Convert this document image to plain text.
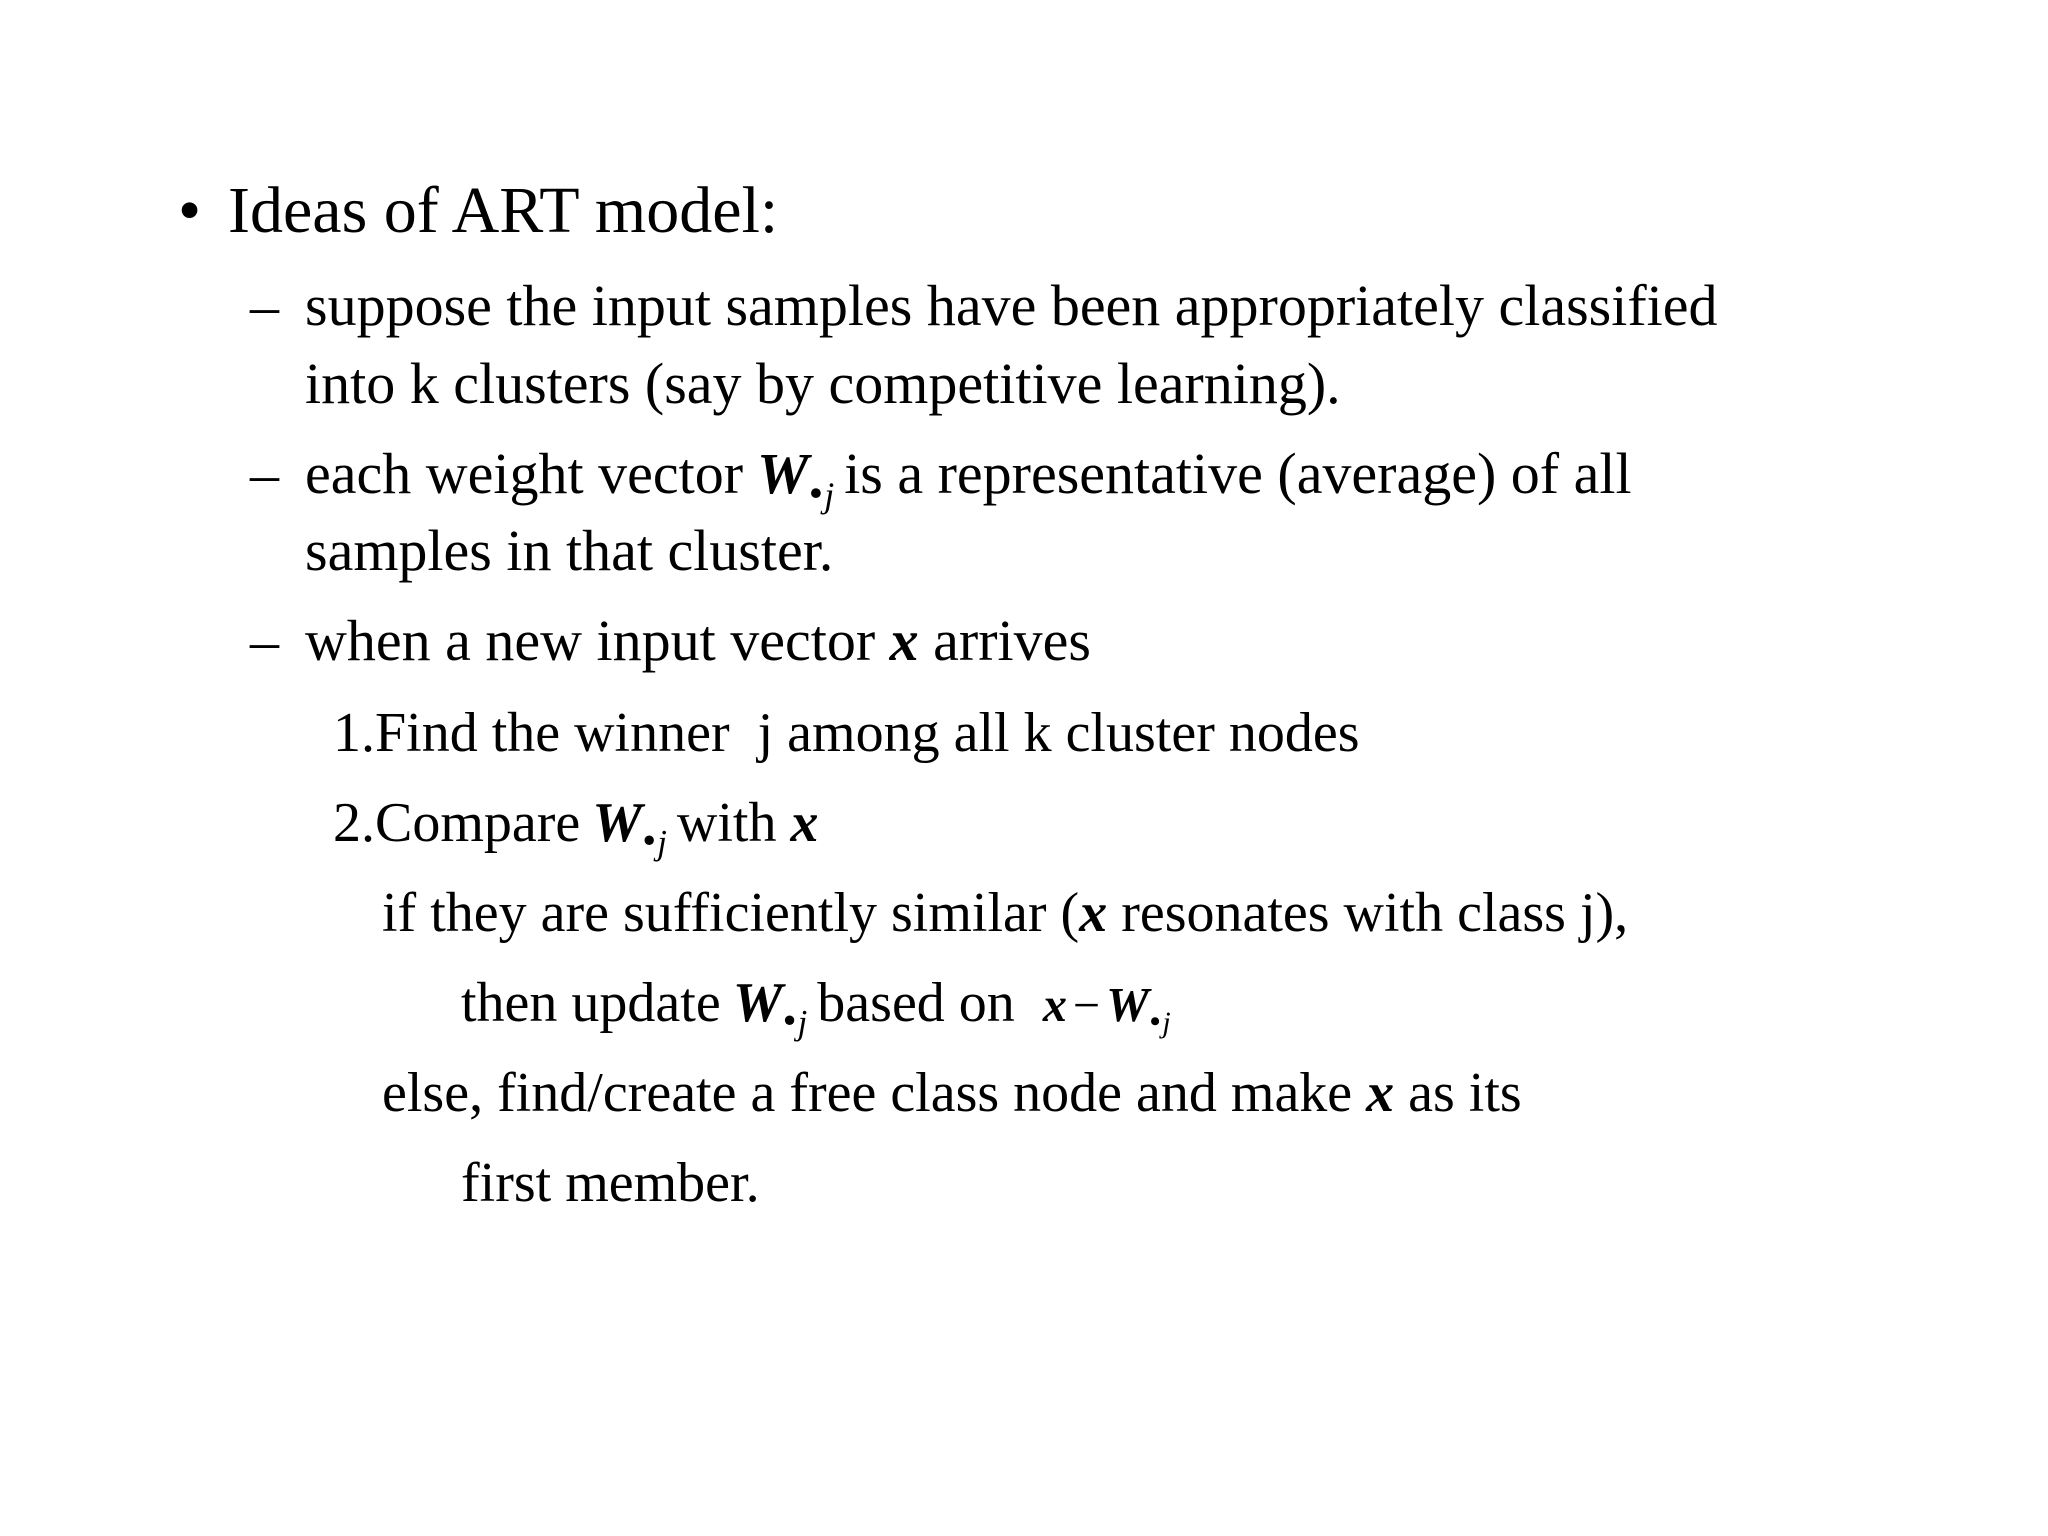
• Ideas of ART model:
– suppose the input samples have been appropriately classified
into k clusters (say by competitive learning).
– each weight vector $W•_j$ is a representative (average) of all
samples in that cluster.
– when a new input vector x arrives
1.Find the winner  j among all k cluster nodes
2.Compare $W•_j$ with x
if they are sufficiently similar (x resonates with class j),
then update $W•_j$ based on $x - W•_j$
else, find/create a free class node and make x as its
first member.
